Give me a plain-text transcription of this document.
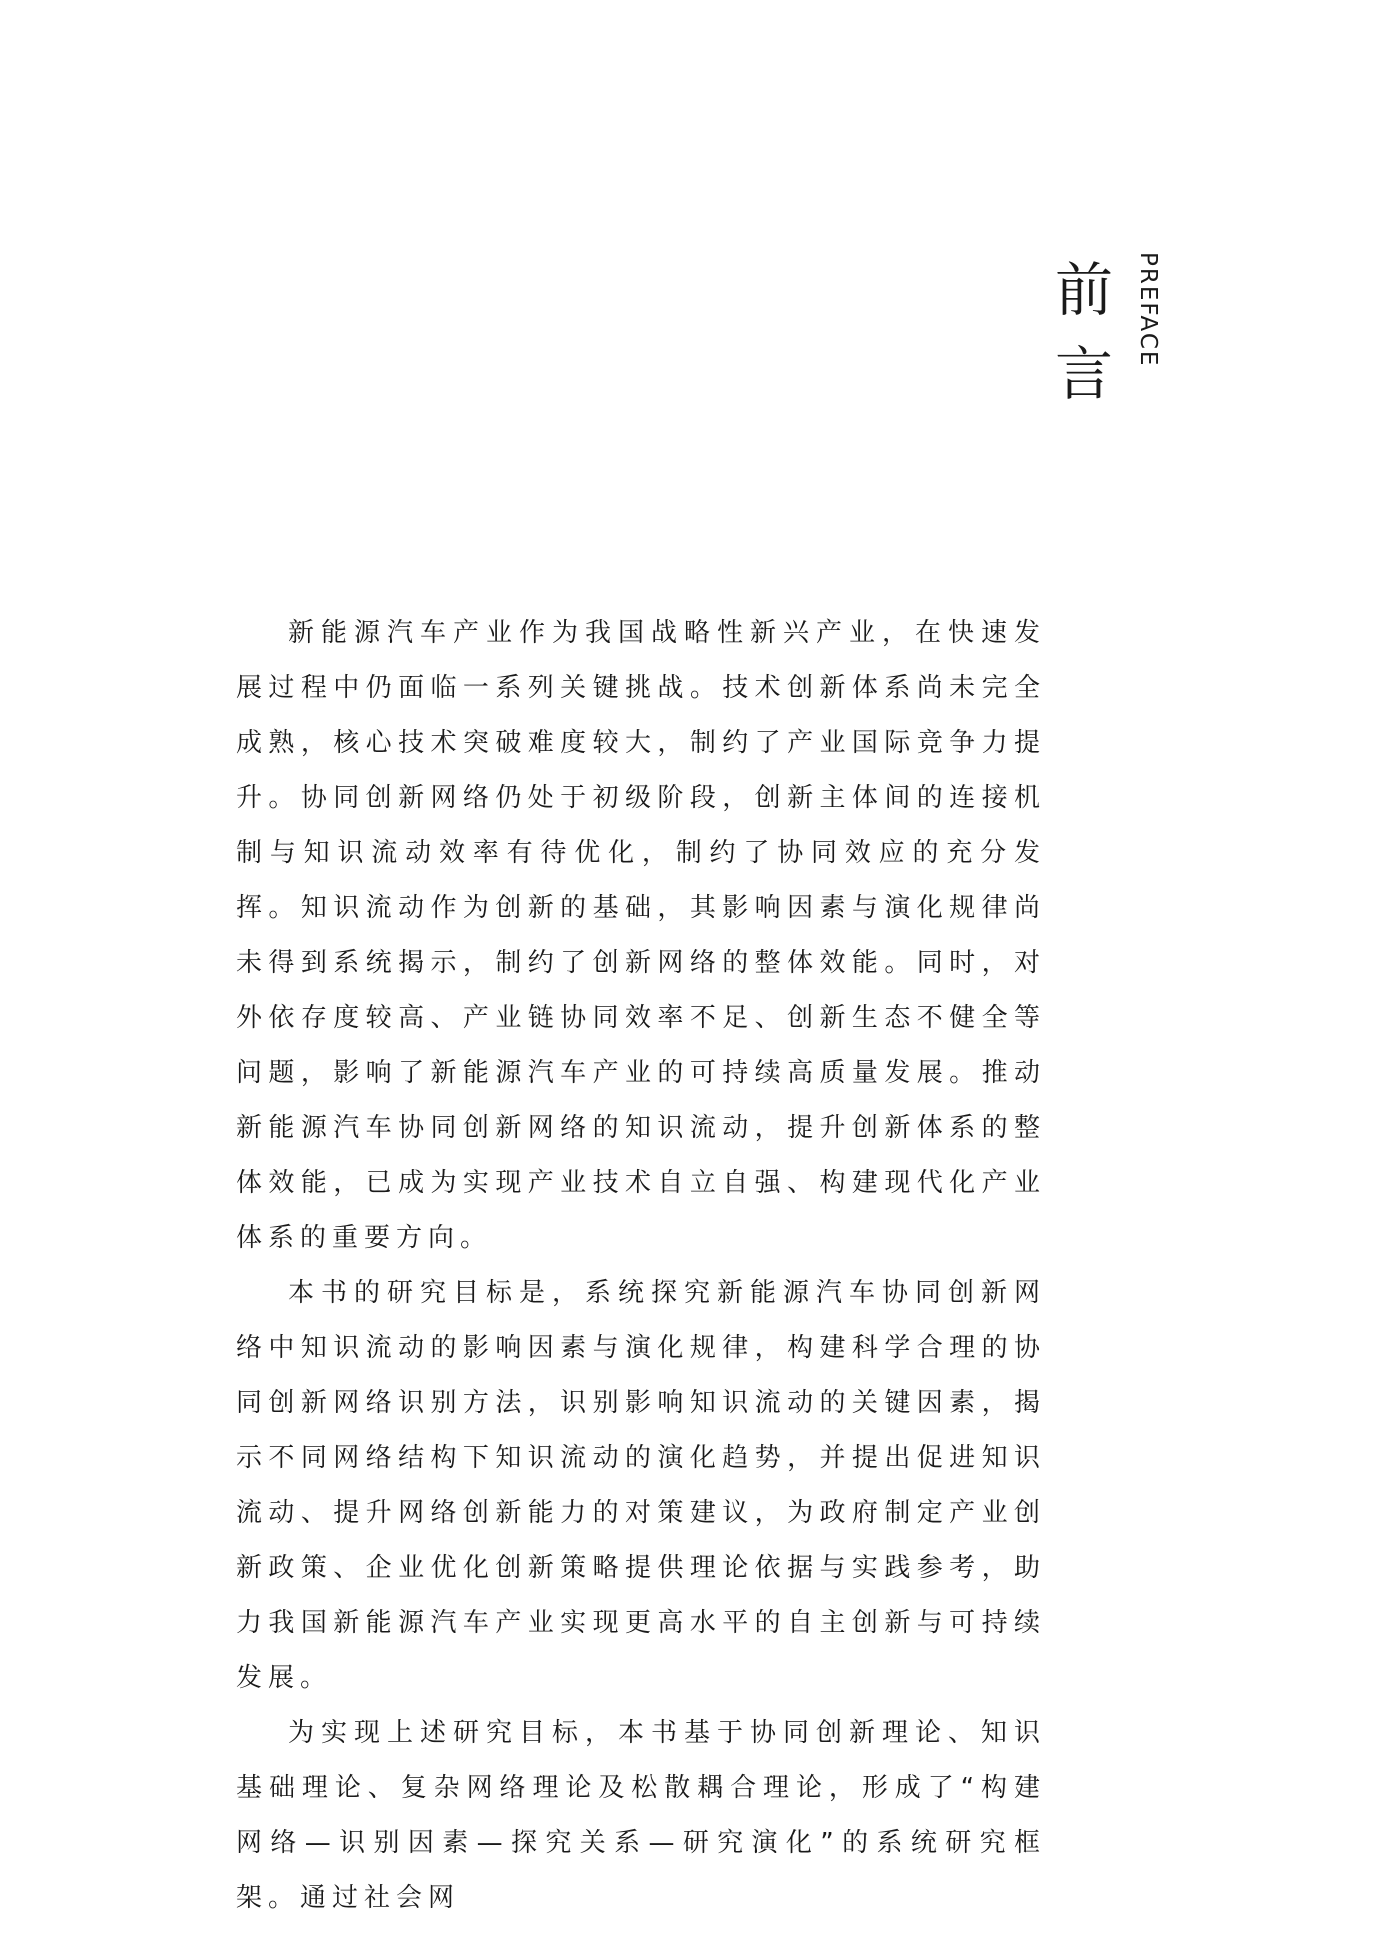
前言
PREFACE

新能源汽车产业作为我国战略性新兴产业，在快速发展过程中仍面临一系列关键挑战。技术创新体系尚未完全成熟，核心技术突破难度较大，制约了产业国际竞争力提升。协同创新网络仍处于初级阶段，创新主体间的连接机制与知识流动效率有待优化，制约了协同效应的充分发挥。知识流动作为创新的基础，其影响因素与演化规律尚未得到系统揭示，制约了创新网络的整体效能。同时，对外依存度较高、产业链协同效率不足、创新生态不健全等问题，影响了新能源汽车产业的可持续高质量发展。推动新能源汽车协同创新网络的知识流动，提升创新体系的整体效能，已成为实现产业技术自立自强、构建现代化产业体系的重要方向。

本书的研究目标是，系统探究新能源汽车协同创新网络中知识流动的影响因素与演化规律，构建科学合理的协同创新网络识别方法，识别影响知识流动的关键因素，揭示不同网络结构下知识流动的演化趋势，并提出促进知识流动、提升网络创新能力的对策建议，为政府制定产业创新政策、企业优化创新策略提供理论依据与实践参考，助力我国新能源汽车产业实现更高水平的自主创新与可持续发展。

为实现上述研究目标，本书基于协同创新理论、知识基础理论、复杂网络理论及松散耦合理论，形成了“构建网络—识别因素—探究关系—研究演化”的系统研究框架。通过社会网
